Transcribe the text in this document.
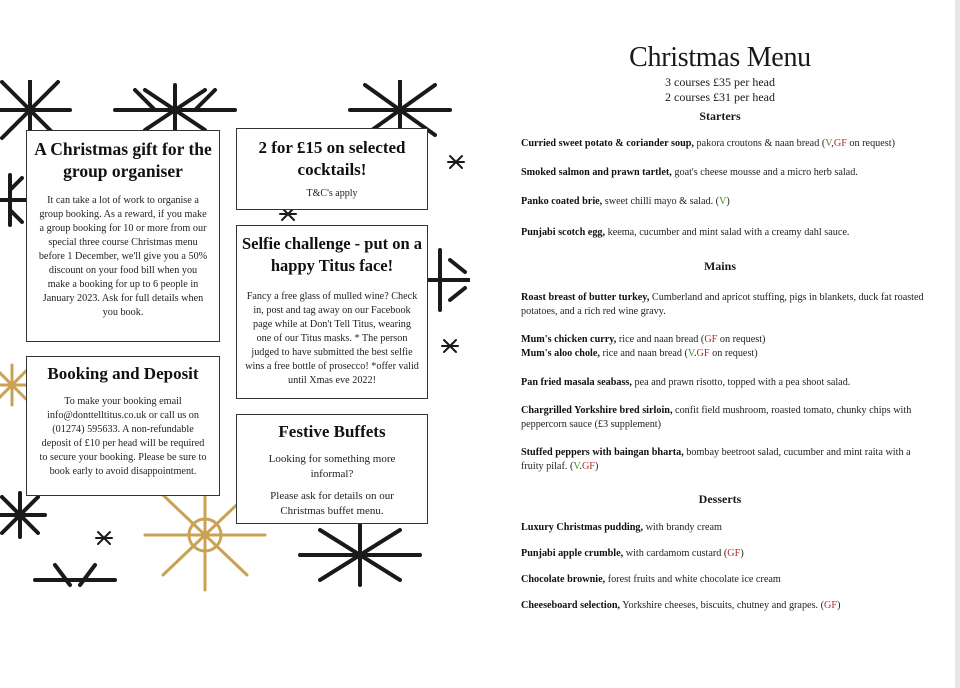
A Christmas gift for the group organiser

It can take a lot of work to organise a group booking. As a reward, if you make a group booking for 10 or more from our special three course Christmas menu before 1 December, we'll give you a 50% discount on your food bill when you make a booking for up to 6 people in January 2023. Ask for full details when you book.

2 for £15 on selected cocktails!

T&C's apply

Selfie challenge - put on a happy Titus face!

Fancy a free glass of mulled wine? Check in, post and tag away on our Facebook page while at Don't Tell Titus, wearing one of our Titus masks. * The person judged to have submitted the best selfie wins a free bottle of prosecco! *offer valid until Xmas eve 2022!

Booking and Deposit

To make your booking email info@donttelltitus.co.uk or call us on (01274) 595633. A non-refundable deposit of £10 per head will be required to secure your booking. Please be sure to book early to avoid disappointment.

Festive Buffets

Looking for something more informal?

Please ask for details on our Christmas buffet menu.

Christmas Menu
3 courses £35 per head
2 courses £31 per head
Starters
Curried sweet potato & coriander soup, pakora croutons & naan bread (V,GF on request)
Smoked salmon and prawn tartlet, goat's cheese mousse and a micro herb salad.
Panko coated brie, sweet chilli mayo & salad. (V)
Punjabi scotch egg, keema, cucumber and mint salad with a creamy dahl sauce.
Mains
Roast breast of butter turkey, Cumberland and apricot stuffing, pigs in blankets, duck fat roasted potatoes, and a rich red wine gravy.
Mum's chicken curry, rice and naan bread (GF on request)
Mum's aloo chole, rice and naan bread (V.GF on request)
Pan fried masala seabass, pea and prawn risotto, topped with a pea shoot salad.
Chargrilled Yorkshire bred sirloin, confit field mushroom, roasted tomato, chunky chips with peppercorn sauce (£3 supplement)
Stuffed peppers with baingan bharta, bombay beetroot salad, cucumber and mint raita with a fruity pilaf. (V.GF)
Desserts
Luxury Christmas pudding, with brandy cream
Punjabi apple crumble, with cardamom custard (GF)
Chocolate brownie, forest fruits and white chocolate ice cream
Cheeseboard selection, Yorkshire cheeses, biscuits, chutney and grapes. (GF)
